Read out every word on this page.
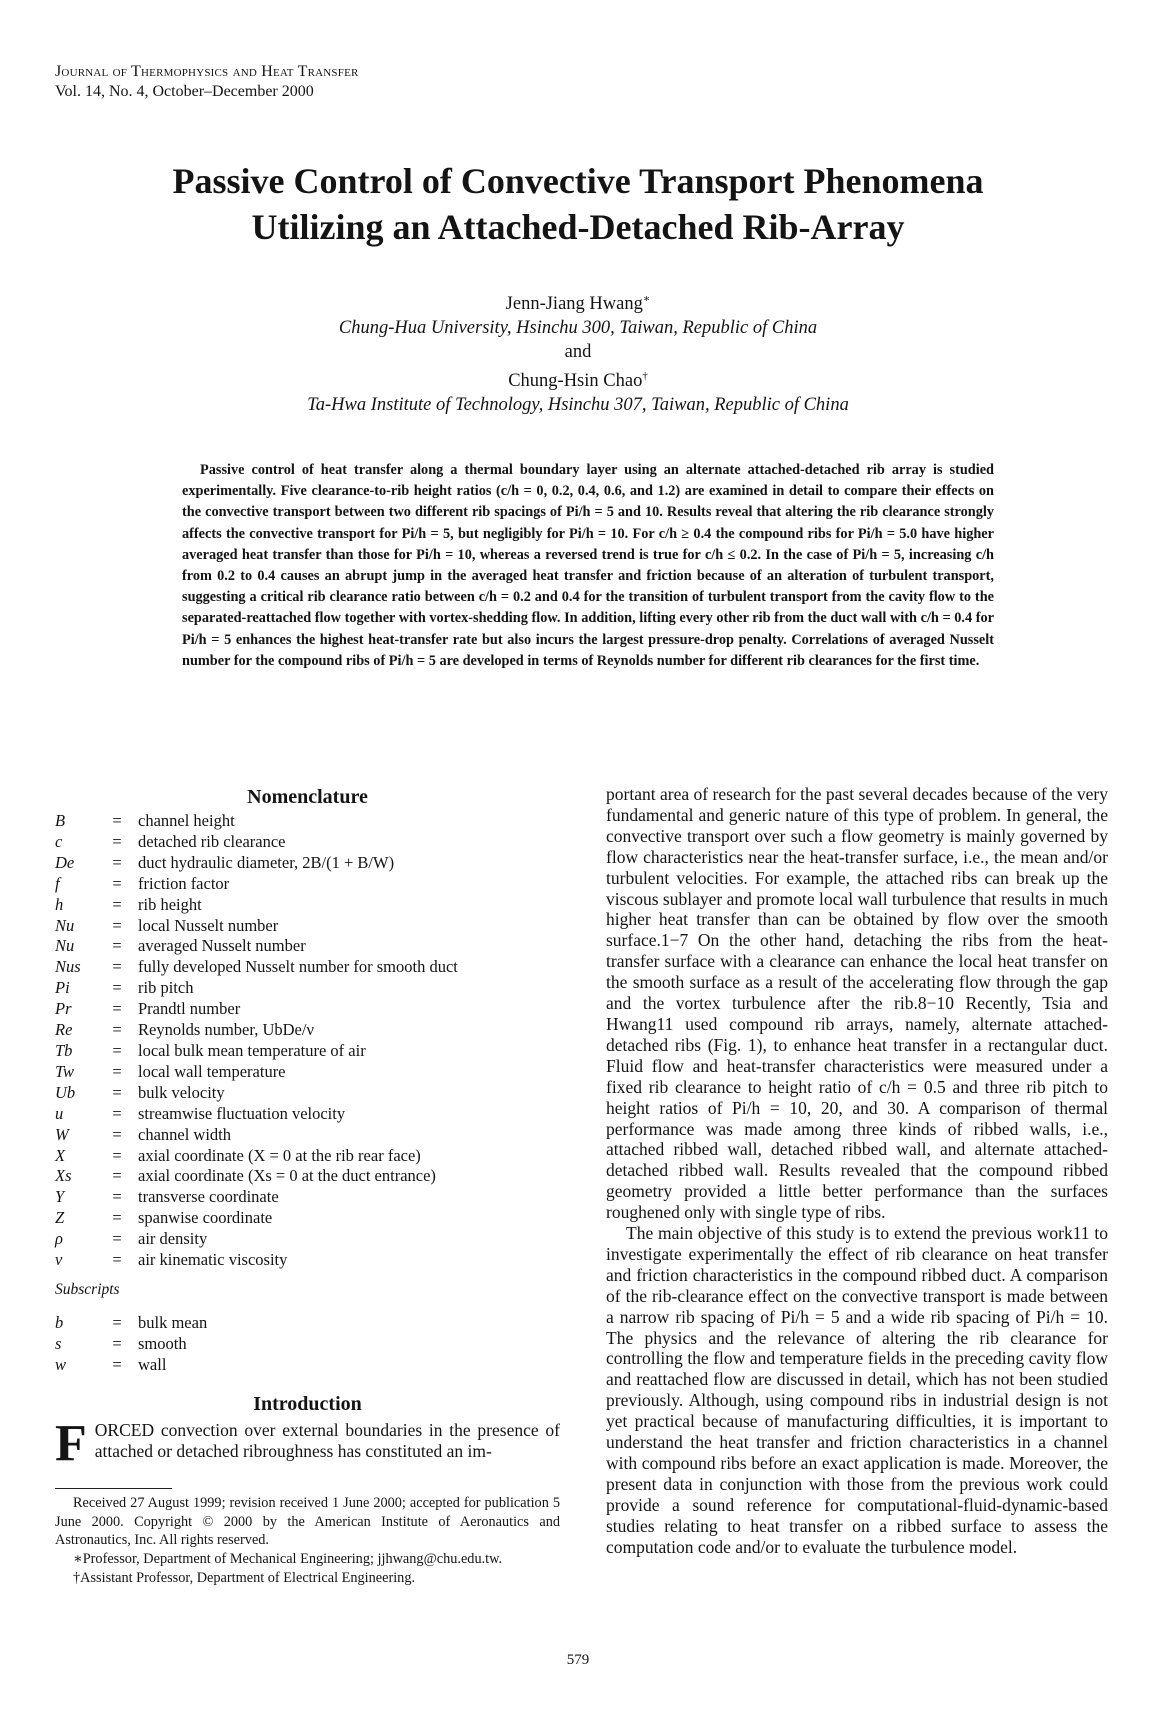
Journal of Thermophysics and Heat Transfer
Vol. 14, No. 4, October–December 2000
Passive Control of Convective Transport Phenomena
Utilizing an Attached-Detached Rib-Array
Jenn-Jiang Hwang∗
Chung-Hua University, Hsinchu 300, Taiwan, Republic of China
and
Chung-Hsin Chao†
Ta-Hwa Institute of Technology, Hsinchu 307, Taiwan, Republic of China

Passive control of heat transfer along a thermal boundary layer using an alternate attached-detached rib array is studied experimentally. Five clearance-to-rib height ratios (c/h = 0, 0.2, 0.4, 0.6, and 1.2) are examined in detail to compare their effects on the convective transport between two different rib spacings of Pi/h = 5 and 10. Results reveal that altering the rib clearance strongly affects the convective transport for Pi/h = 5, but negligibly for Pi/h = 10. For c/h ≥ 0.4 the compound ribs for Pi/h = 5.0 have higher averaged heat transfer than those for Pi/h = 10, whereas a reversed trend is true for c/h ≤ 0.2. In the case of Pi/h = 5, increasing c/h from 0.2 to 0.4 causes an abrupt jump in the averaged heat transfer and friction because of an alteration of turbulent transport, suggesting a critical rib clearance ratio between c/h = 0.2 and 0.4 for the transition of turbulent transport from the cavity flow to the separated-reattached flow together with vortex-shedding flow. In addition, lifting every other rib from the duct wall with c/h = 0.4 for Pi/h = 5 enhances the highest heat-transfer rate but also incurs the largest pressure-drop penalty. Correlations of averaged Nusselt number for the compound ribs of Pi/h = 5 are developed in terms of Reynolds number for different rib clearances for the first time.

Nomenclature
B	=	channel height
c	=	detached rib clearance
De	=	duct hydraulic diameter, 2B/(1 + B/W)
f	=	friction factor
h	=	rib height
Nu	=	local Nusselt number
Nu	=	averaged Nusselt number
Nus	=	fully developed Nusselt number for smooth duct
Pi	=	rib pitch
Pr	=	Prandtl number
Re	=	Reynolds number, UbDe/ν
Tb	=	local bulk mean temperature of air
Tw	=	local wall temperature
Ub	=	bulk velocity
u	=	streamwise fluctuation velocity
W	=	channel width
X	=	axial coordinate (X = 0 at the rib rear face)
Xs	=	axial coordinate (Xs = 0 at the duct entrance)
Y	=	transverse coordinate
Z	=	spanwise coordinate
ρ	=	air density
ν	=	air kinematic viscosity
Subscripts
b	=	bulk mean
s	=	smooth
w	=	wall
Introduction

FORCED convection over external boundaries in the presence of attached or detached ribroughness has constituted an im-

Received 27 August 1999; revision received 1 June 2000; accepted for publication 5 June 2000. Copyright © 2000 by the American Institute of Aeronautics and Astronautics, Inc. All rights reserved.

∗Professor, Department of Mechanical Engineering; jjhwang@chu.edu.tw.

†Assistant Professor, Department of Electrical Engineering.

portant area of research for the past several decades because of the very fundamental and generic nature of this type of problem. In general, the convective transport over such a flow geometry is mainly governed by flow characteristics near the heat-transfer surface, i.e., the mean and/or turbulent velocities. For example, the attached ribs can break up the viscous sublayer and promote local wall turbulence that results in much higher heat transfer than can be obtained by flow over the smooth surface.1−7 On the other hand, detaching the ribs from the heat-transfer surface with a clearance can enhance the local heat transfer on the smooth surface as a result of the accelerating flow through the gap and the vortex turbulence after the rib.8−10 Recently, Tsia and Hwang11 used compound rib arrays, namely, alternate attached-detached ribs (Fig. 1), to enhance heat transfer in a rectangular duct. Fluid flow and heat-transfer characteristics were measured under a fixed rib clearance to height ratio of c/h = 0.5 and three rib pitch to height ratios of Pi/h = 10, 20, and 30. A comparison of thermal performance was made among three kinds of ribbed walls, i.e., attached ribbed wall, detached ribbed wall, and alternate attached-detached ribbed wall. Results revealed that the compound ribbed geometry provided a little better performance than the surfaces roughened only with single type of ribs.

The main objective of this study is to extend the previous work11 to investigate experimentally the effect of rib clearance on heat transfer and friction characteristics in the compound ribbed duct. A comparison of the rib-clearance effect on the convective transport is made between a narrow rib spacing of Pi/h = 5 and a wide rib spacing of Pi/h = 10. The physics and the relevance of altering the rib clearance for controlling the flow and temperature fields in the preceding cavity flow and reattached flow are discussed in detail, which has not been studied previously. Although, using compound ribs in industrial design is not yet practical because of manufacturing difficulties, it is important to understand the heat transfer and friction characteristics in a channel with compound ribs before an exact application is made. Moreover, the present data in conjunction with those from the previous work could provide a sound reference for computational-fluid-dynamic-based studies relating to heat transfer on a ribbed surface to assess the computation code and/or to evaluate the turbulence model.

579
